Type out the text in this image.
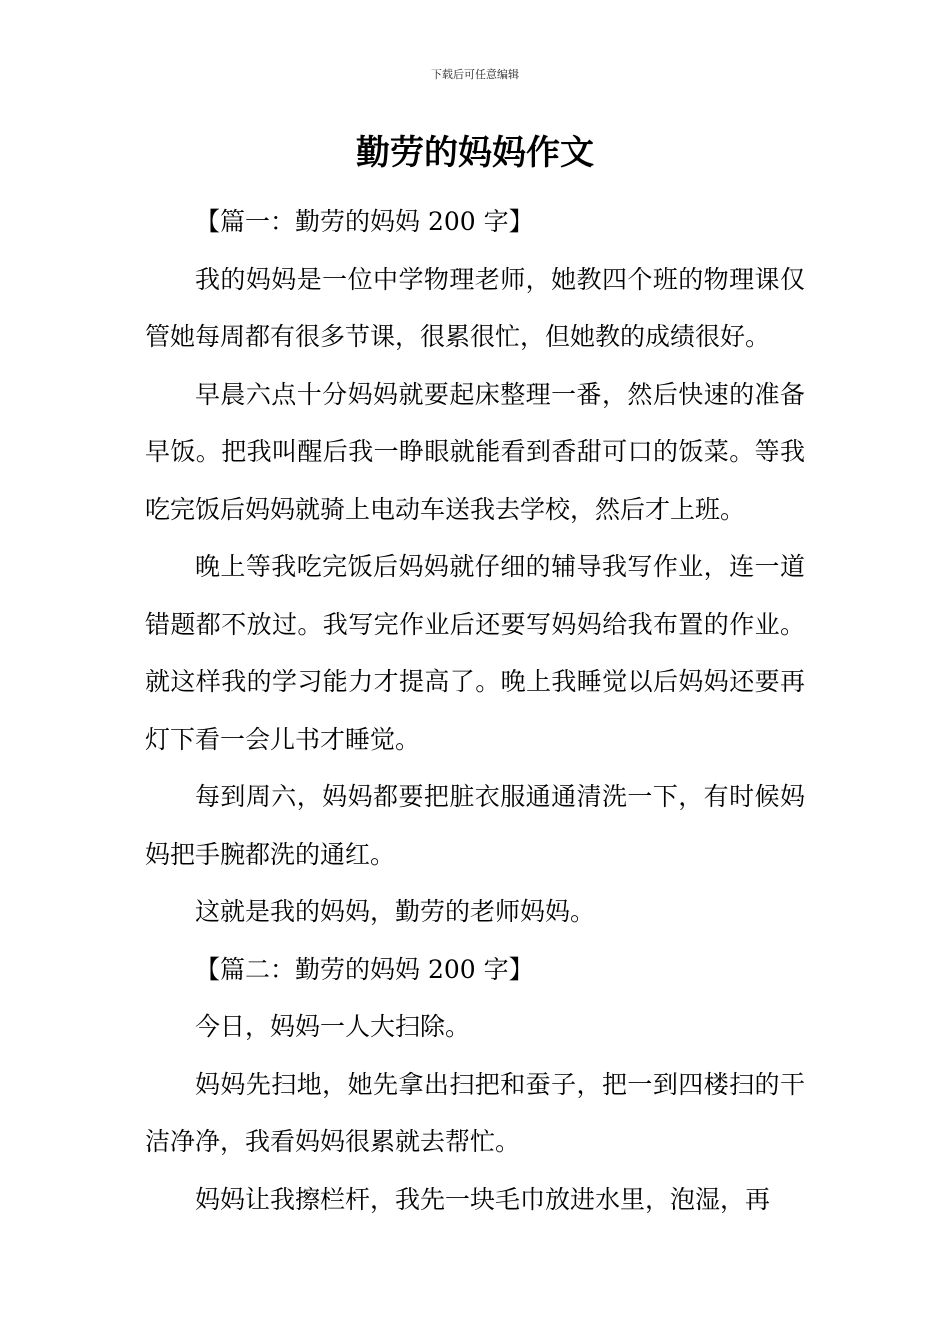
下载后可任意编辑
勤劳的妈妈作文

【篇一：勤劳的妈妈 200 字】

我的妈妈是一位中学物理老师，她教四个班的物理课仅管她每周都有很多节课，很累很忙，但她教的成绩很好。

早晨六点十分妈妈就要起床整理一番，然后快速的准备早饭。把我叫醒后我一睁眼就能看到香甜可口的饭菜。等我吃完饭后妈妈就骑上电动车送我去学校，然后才上班。

晚上等我吃完饭后妈妈就仔细的辅导我写作业，连一道错题都不放过。我写完作业后还要写妈妈给我布置的作业。就这样我的学习能力才提高了。晚上我睡觉以后妈妈还要再灯下看一会儿书才睡觉。

每到周六，妈妈都要把脏衣服通通清洗一下，有时候妈妈把手腕都洗的通红。

这就是我的妈妈，勤劳的老师妈妈。

【篇二：勤劳的妈妈 200 字】

今日，妈妈一人大扫除。

妈妈先扫地，她先拿出扫把和蚕子，把一到四楼扫的干洁净净，我看妈妈很累就去帮忙。

妈妈让我擦栏杆，我先一块毛巾放进水里，泡湿，再
